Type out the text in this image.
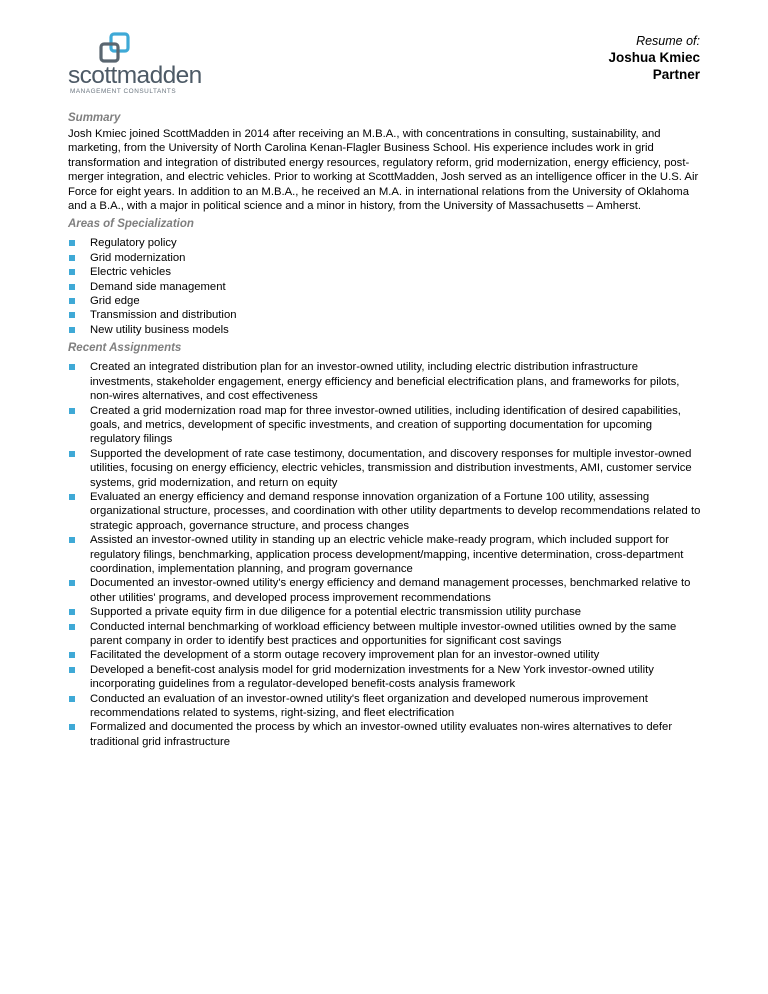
scottmadden
MANAGEMENT CONSULTANTS
Resume of:
Joshua Kmiec
Partner
Summary

Josh Kmiec joined ScottMadden in 2014 after receiving an M.B.A., with concentrations in consulting, sustainability, and marketing, from the University of North Carolina Kenan-Flagler Business School. His experience includes work in grid transformation and integration of distributed energy resources, regulatory reform, grid modernization, energy efficiency, post-merger integration, and electric vehicles. Prior to working at ScottMadden, Josh served as an intelligence officer in the U.S. Air Force for eight years. In addition to an M.B.A., he received an M.A. in international relations from the University of Oklahoma and a B.A., with a major in political science and a minor in history, from the University of Massachusetts – Amherst.

Areas of Specialization
Regulatory policy
Grid modernization
Electric vehicles
Demand side management
Grid edge
Transmission and distribution
New utility business models
Recent Assignments
Created an integrated distribution plan for an investor-owned utility, including electric distribution infrastructure investments, stakeholder engagement, energy efficiency and beneficial electrification plans, and frameworks for pilots, non-wires alternatives, and cost effectiveness
Created a grid modernization road map for three investor-owned utilities, including identification of desired capabilities, goals, and metrics, development of specific investments, and creation of supporting documentation for upcoming regulatory filings
Supported the development of rate case testimony, documentation, and discovery responses for multiple investor-owned utilities, focusing on energy efficiency, electric vehicles, transmission and distribution investments, AMI, customer service systems, grid modernization, and return on equity
Evaluated an energy efficiency and demand response innovation organization of a Fortune 100 utility, assessing organizational structure, processes, and coordination with other utility departments to develop recommendations related to strategic approach, governance structure, and process changes
Assisted an investor-owned utility in standing up an electric vehicle make-ready program, which included support for regulatory filings, benchmarking, application process development/mapping, incentive determination, cross-department coordination, implementation planning, and program governance
Documented an investor-owned utility's energy efficiency and demand management processes, benchmarked relative to other utilities' programs, and developed process improvement recommendations
Supported a private equity firm in due diligence for a potential electric transmission utility purchase
Conducted internal benchmarking of workload efficiency between multiple investor-owned utilities owned by the same parent company in order to identify best practices and opportunities for significant cost savings
Facilitated the development of a storm outage recovery improvement plan for an investor-owned utility
Developed a benefit-cost analysis model for grid modernization investments for a New York investor-owned utility incorporating guidelines from a regulator-developed benefit-costs analysis framework
Conducted an evaluation of an investor-owned utility's fleet organization and developed numerous improvement recommendations related to systems, right-sizing, and fleet electrification
Formalized and documented the process by which an investor-owned utility evaluates non-wires alternatives to defer traditional grid infrastructure
